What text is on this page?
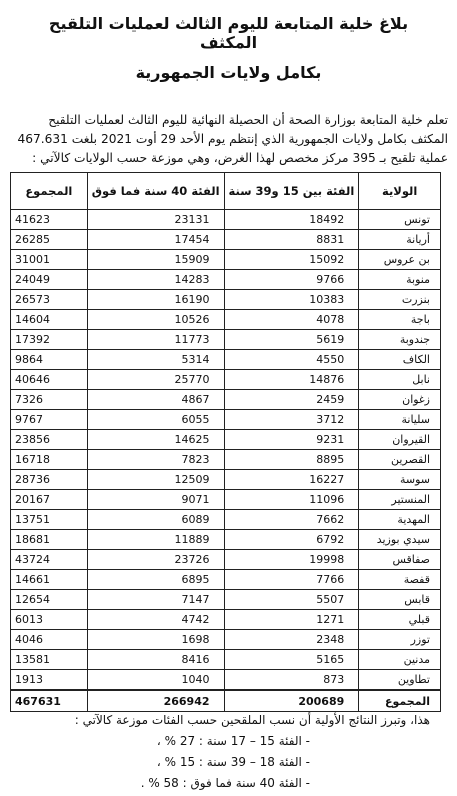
بلاغ خلية المتابعة لليوم الثالث لعمليات التلقيح المكثف
بكامل ولايات الجمهورية

تعلم خلية المتابعة بوزارة الصحة أن الحصيلة النهائية لليوم الثالث لعمليات التلقيح

المكثف بكامل ولايات الجمهورية الذي إنتظم يوم الأحد 29 أوت 2021 بلغت 467.631

عملية تلقيح بـ 395 مركز مخصص لهذا الغرض، وهي موزعة حسب الولايات كالآتي :

الولاية	الفئة بين 15 و39 سنة	الفئة 40 سنة فما فوق	المجموع
تونس	18492	23131	41623
أريانة	8831	17454	26285
بن عروس	15092	15909	31001
منوبة	9766	14283	24049
بنزرت	10383	16190	26573
باجة	4078	10526	14604
جندوبة	5619	11773	17392
الكاف	4550	5314	9864
نابل	14876	25770	40646
زغوان	2459	4867	7326
سليانة	3712	6055	9767
القيروان	9231	14625	23856
القصرين	8895	7823	16718
سوسة	16227	12509	28736
المنستير	11096	9071	20167
المهدية	7662	6089	13751
سيدي بوزيد	6792	11889	18681
صفاقس	19998	23726	43724
قفصة	7766	6895	14661
قابس	5507	7147	12654
قبلي	1271	4742	6013
توزر	2348	1698	4046
مدنين	5165	8416	13581
تطاوين	873	1040	1913
المجموع	200689	266942	467631

هذا، وتبرز النتائج الأولية أن نسب الملقحين حسب الفئات موزعة كالآتي :

- الفئة 15 – 17 سنة : 27 % ،

- الفئة 18 – 39 سنة : 15 % ،

- الفئة 40 سنة فما فوق : 58 % .
